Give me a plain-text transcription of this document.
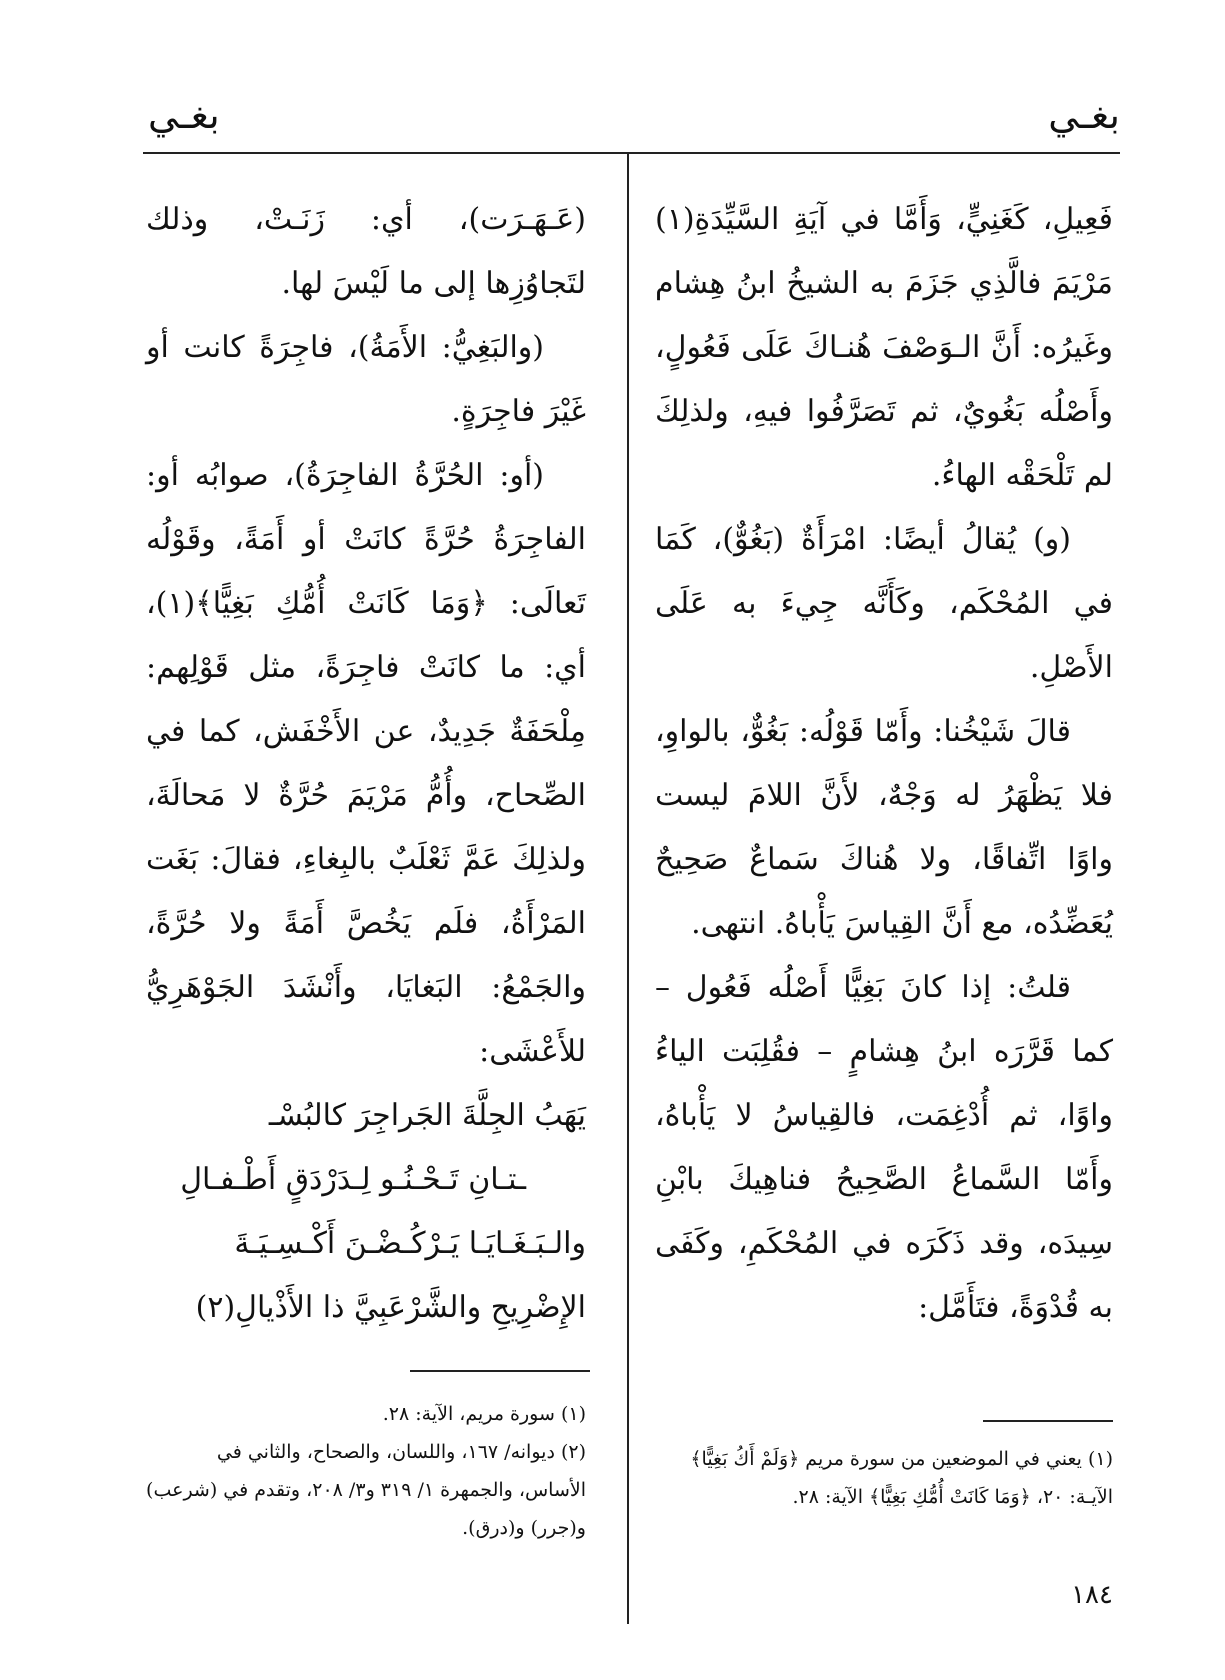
بغـي
بغـي

فَعِيلِ، كَغَنِيٍّ، وَأَمَّا في آيَةِ السَّيِّدَةِ(١) مَرْيَمَ فالَّذِي جَزَمَ به الشيخُ ابنُ هِشام وغَيرُه: أَنَّ الـوَصْفَ هُنـاكَ عَلَى فَعُولٍ، وأَصْلُه بَغُويٌ، ثم تَصَرَّفُوا فيهِ، ولذلِكَ لم تَلْحَقْه الهاءُ.

(و) يُقالُ أيضًا: امْرَأَةٌ (بَغُوٌّ)، كَمَا في المُحْكَم، وكَأَنَّه جِيءَ به عَلَى الأَصْلِ.

قالَ شَيْخُنا: وأَمّا قَوْلُه: بَغُوٌّ، بالواوِ، فلا يَظْهَرُ له وَجْهٌ، لأَنَّ اللامَ ليست واوًا اتِّفاقًا، ولا هُناكَ سَماعٌ صَحِيحٌ يُعَضِّدُه، مع أَنَّ القِياسَ يَأْباهُ. انتهى.

قلتُ: إذا كانَ بَغِيًّا أَصْلُه فَعُول – كما قَرَّرَه ابنُ هِشامٍ – فقُلِبَت الياءُ واوًا، ثم أُدْغِمَت، فالقِياسُ لا يَأْباهُ، وأَمّا السَّماعُ الصَّحِيحُ فناهِيكَ بابْنِ سِيدَه، وقد ذَكَرَه في المُحْكَمِ، وكَفَى به قُدْوَةً، فتَأَمَّل:

(عَـهَـرَت)، أي: زَنَـتْ، وذلك لتَجاوُزِها إلى ما لَيْسَ لها.

(والبَغِيُّ: الأَمَةُ)، فاجِرَةً كانت أو غَيْرَ فاجِرَةٍ.

(أو: الحُرَّةُ الفاجِرَةُ)، صوابُه أو: الفاجِرَةُ حُرَّةً كانَتْ أو أَمَةً، وقَوْلُه تَعالَى: ﴿وَمَا كَانَتْ أُمُّكِ بَغِيًّا﴾(١)، أي: ما كانَتْ فاجِرَةً، مثل قَوْلِهم: مِلْحَفَةٌ جَدِيدٌ، عن الأَخْفَش، كما في الصِّحاح، وأُمُّ مَرْيَمَ حُرَّةٌ لا مَحالَةَ، ولذلِكَ عَمَّ ثَعْلَبٌ بالبِغاءِ، فقالَ: بَغَت المَرْأَةُ، فلَم يَخُصَّ أَمَةً ولا حُرَّةً، والجَمْعُ: البَغايَا، وأَنْشَدَ الجَوْهَرِيُّ للأَعْشَى:

يَهَبُ الجِلَّةَ الجَراجِرَ كالبُسْـ

ـتـانِ تَـحْـنُـو لِـدَرْدَقٍ أَطْـفـالِ

والـبَـغَـايَـا يَـرْكُـضْـنَ أَكْـسِـيَـةَ

الإِضْرِيحِ والشَّرْعَبِيَّ ذا الأَذْيالِ(٢)

(١) يعني في الموضعين من سورة مريم ﴿وَلَمْ أَكُ بَغِيًّا﴾ الآيـة: ٢٠، ﴿وَمَا كَانَتْ أُمُّكِ بَغِيًّا﴾ الآية: ٢٨.

(١) سورة مريم، الآية: ٢٨.

(٢) ديوانه/ ١٦٧، واللسان، والصحاح، والثاني في الأساس، والجمهرة ١/ ٣١٩ و٣/ ٢٠٨، وتقدم في (شرعب) و(جرر) و(درق).

١٨٤
